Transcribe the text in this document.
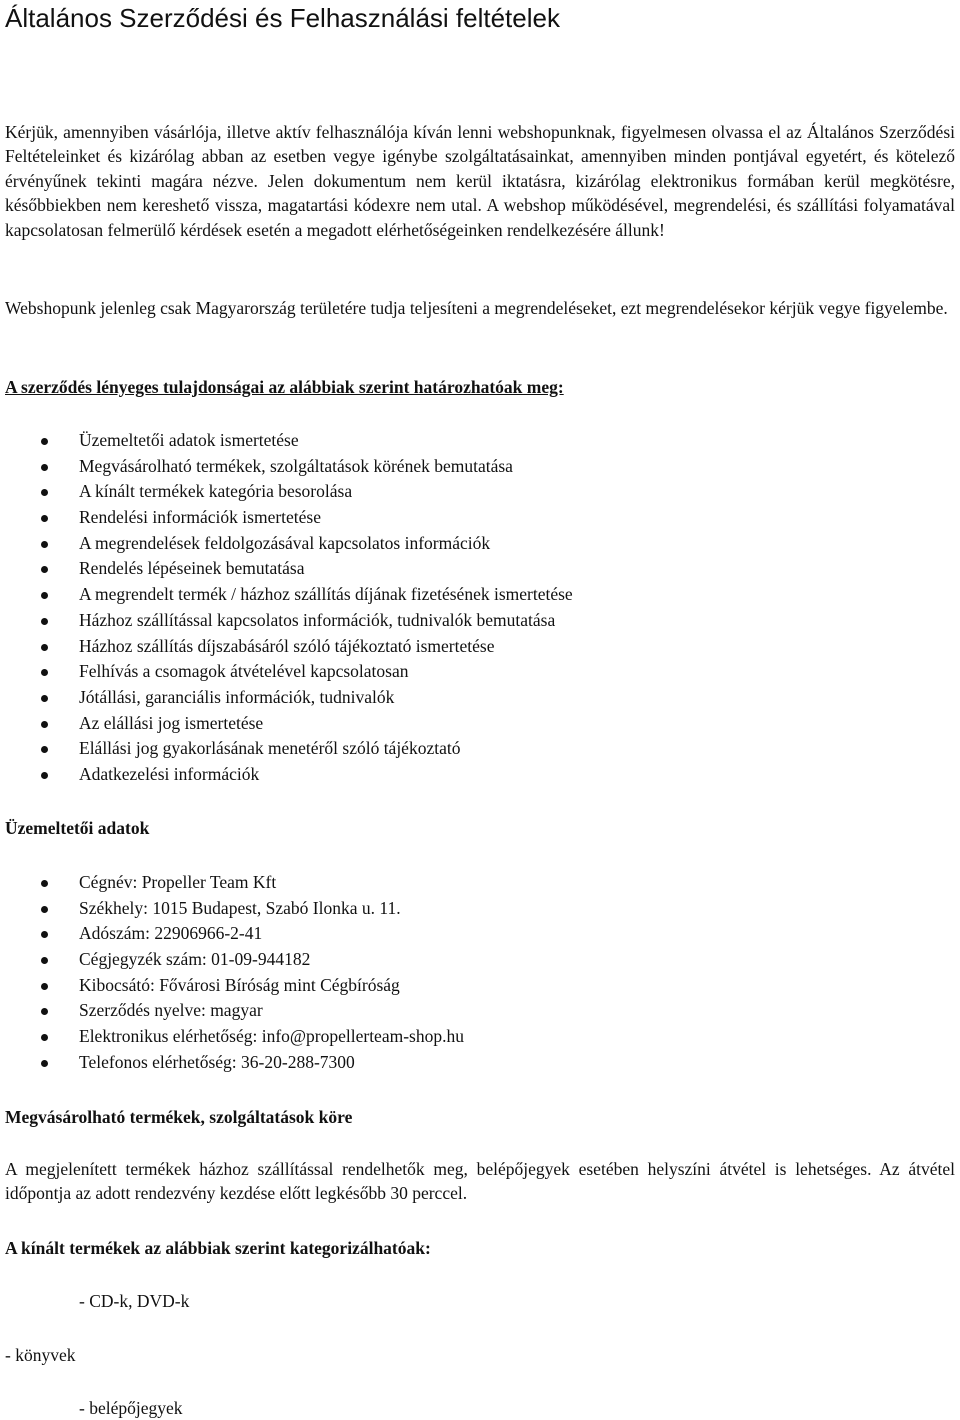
Általános Szerződési és Felhasználási feltételek

Kérjük, amennyiben vásárlója, illetve aktív felhasználója kíván lenni webshopunknak, figyelmesen olvassa el az Általános Szerződési Feltételeinket és kizárólag abban az esetben vegye igénybe szolgáltatásainkat, amennyiben minden pontjával egyetért, és kötelező érvényűnek tekinti magára nézve. Jelen dokumentum nem kerül iktatásra, kizárólag elektronikus formában kerül megkötésre, későbbiekben nem kereshető vissza, magatartási kódexre nem utal. A webshop működésével, megrendelési, és szállítási folyamatával kapcsolatosan felmerülő kérdések esetén a megadott elérhetőségeinken rendelkezésére állunk!

Webshopunk jelenleg csak Magyarország területére tudja teljesíteni a megrendeléseket, ezt megrendelésekor kérjük vegye figyelembe.

A szerződés lényeges tulajdonságai az alábbiak szerint határozhatóak meg:
Üzemeltetői adatok ismertetése
Megvásárolható termékek, szolgáltatások körének bemutatása
A kínált termékek kategória besorolása
Rendelési információk ismertetése
A megrendelések feldolgozásával kapcsolatos információk
Rendelés lépéseinek bemutatása
A megrendelt termék / házhoz szállítás díjának fizetésének ismertetése
Házhoz szállítással kapcsolatos információk, tudnivalók bemutatása
Házhoz szállítás díjszabásáról szóló tájékoztató ismertetése
Felhívás a csomagok átvételével kapcsolatosan
Jótállási, garanciális információk, tudnivalók
Az elállási jog ismertetése
Elállási jog gyakorlásának menetéről szóló tájékoztató
Adatkezelési információk
Üzemeltetői adatok
Cégnév: Propeller Team Kft
Székhely: 1015 Budapest, Szabó Ilonka u. 11.
Adószám: 22906966-2-41
Cégjegyzék szám: 01-09-944182
Kibocsátó: Fővárosi Bíróság mint Cégbíróság
Szerződés nyelve: magyar
Elektronikus elérhetőség: info@propellerteam-shop.hu
Telefonos elérhetőség: 36-20-288-7300
Megvásárolható termékek, szolgáltatások köre

A megjelenített termékek házhoz szállítással rendelhetők meg, belépőjegyek esetében helyszíni átvétel is lehetséges. Az átvétel időpontja az adott rendezvény kezdése előtt legkésőbb 30 perccel.

A kínált termékek az alábbiak szerint kategorizálhatóak:

- CD-k, DVD-k

- könyvek

- belépőjegyek
